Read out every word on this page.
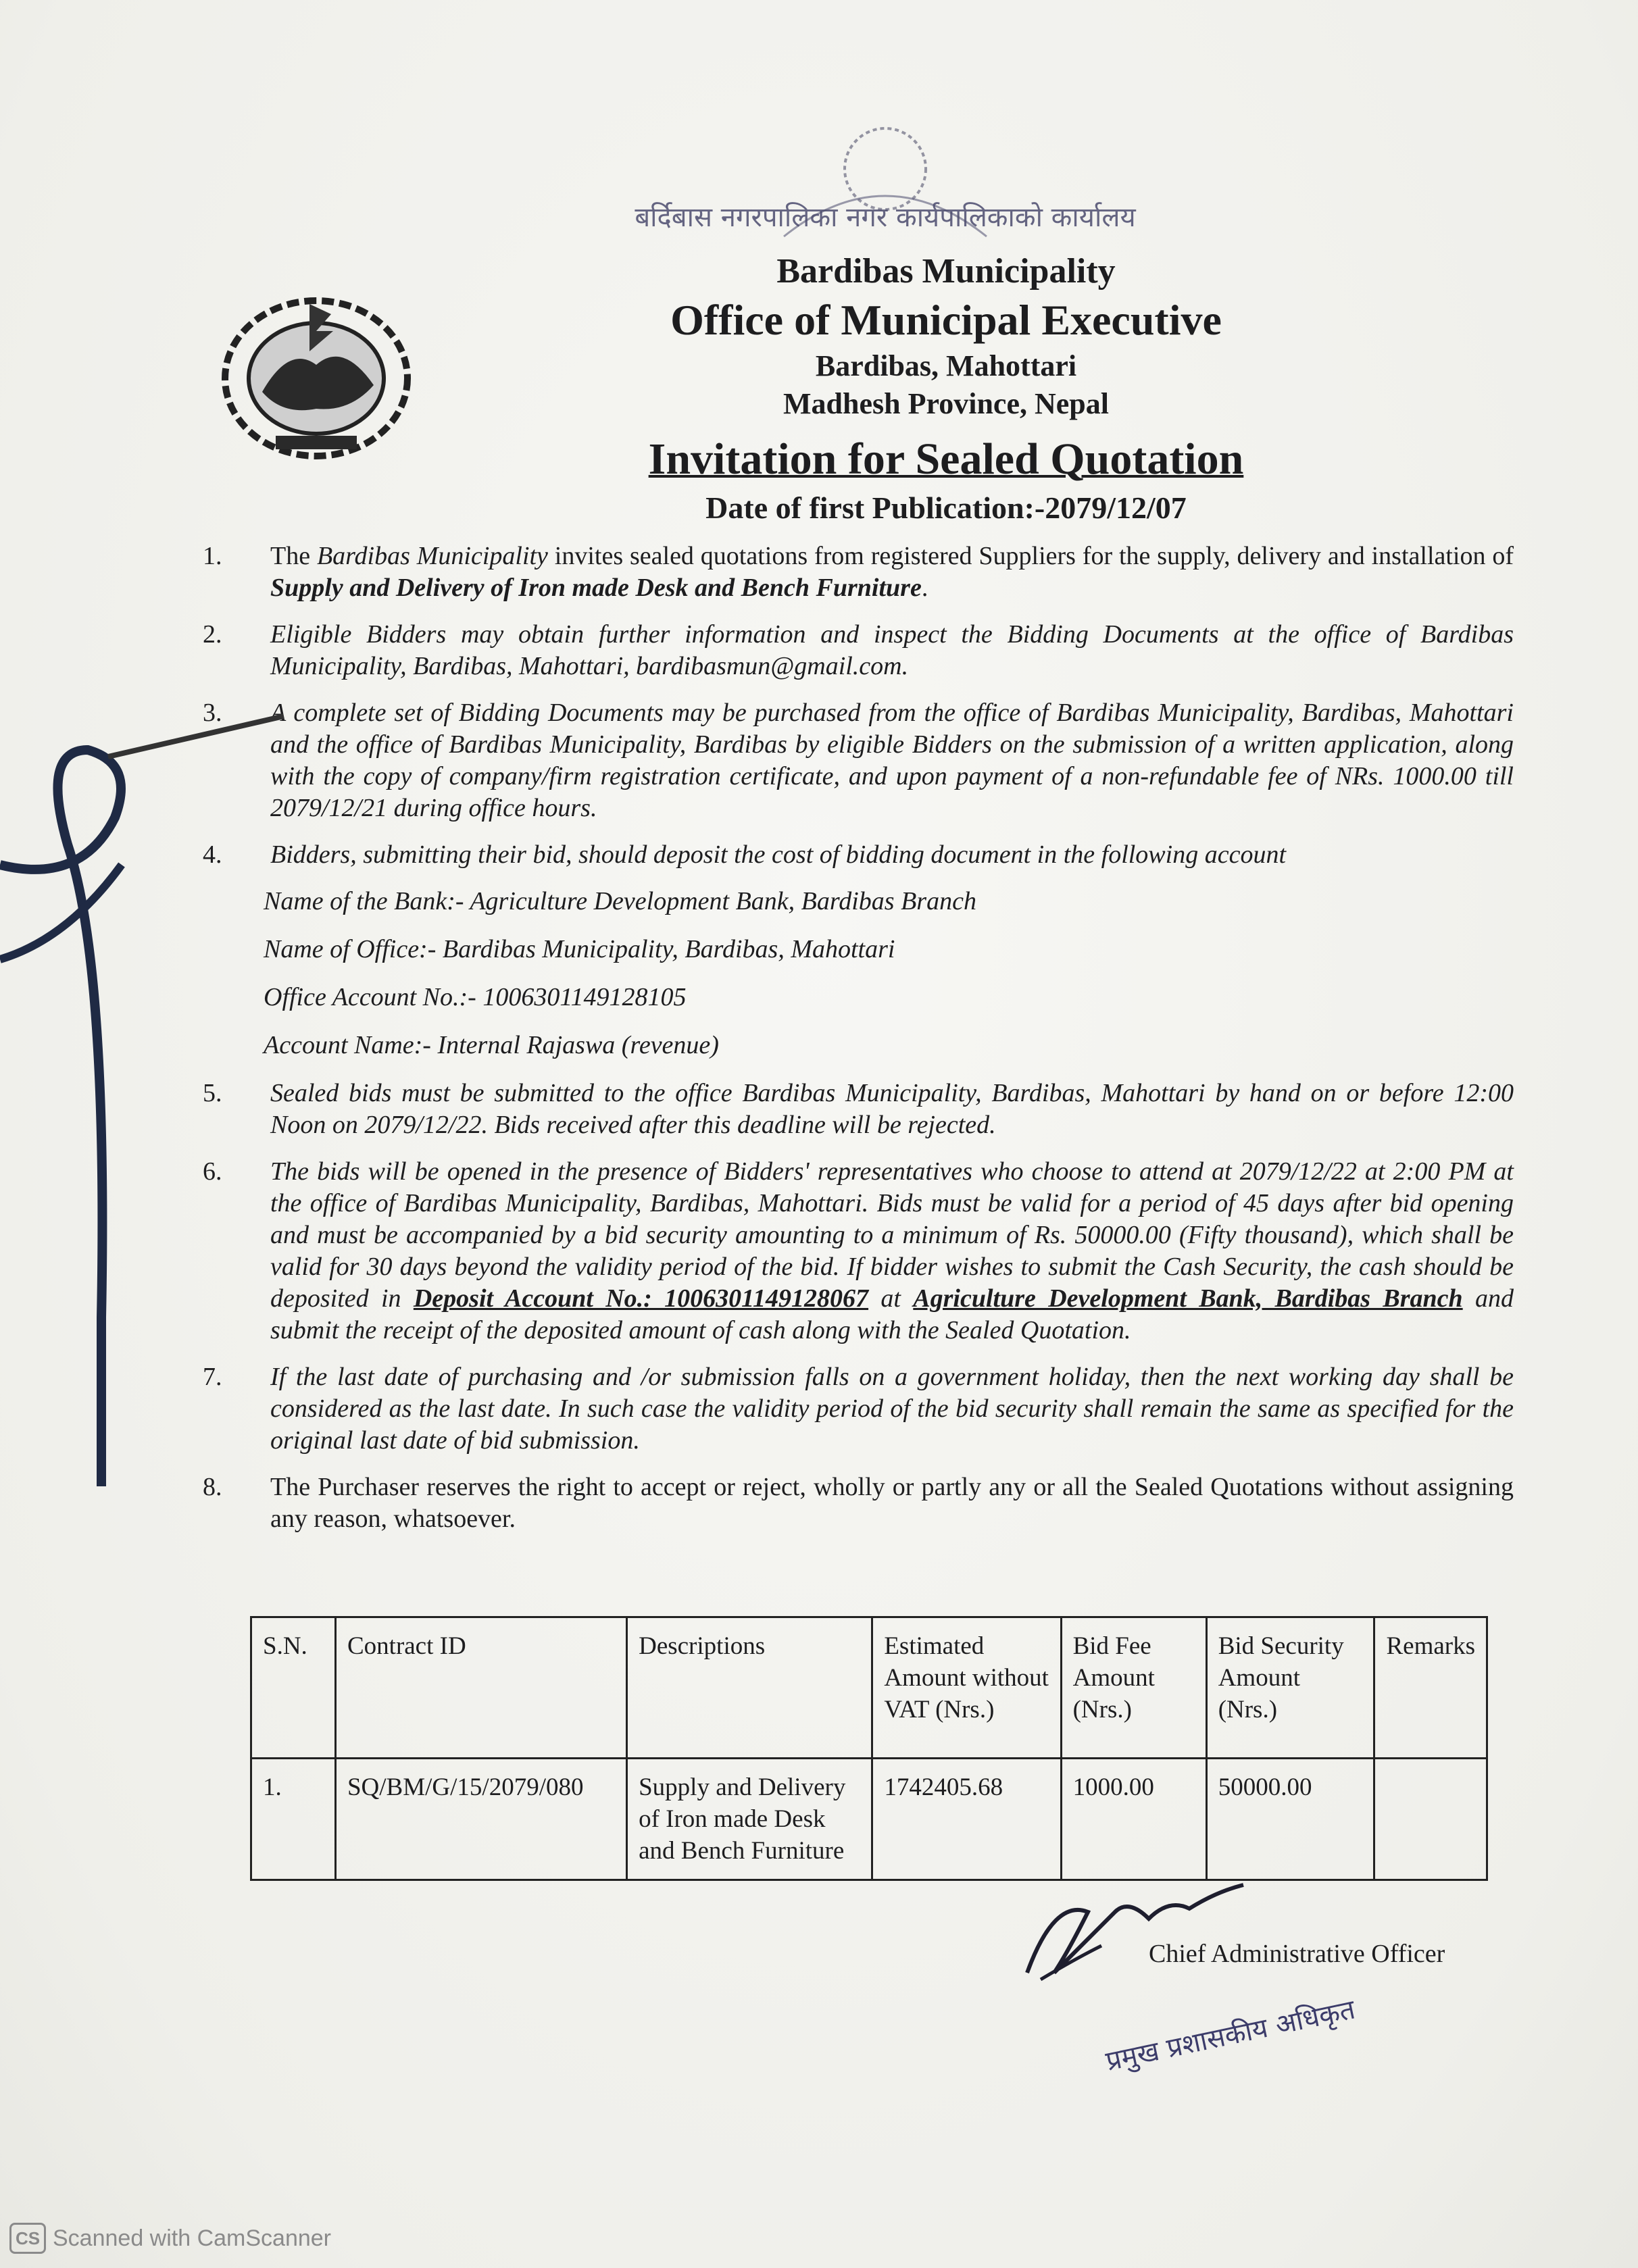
बर्दिबास नगरपालिका नगर कार्यपालिकाको कार्यालय
Bardibas Municipality
Office of Municipal Executive
Bardibas, Mahottari
Madhesh Province, Nepal
Invitation for Sealed Quotation
Date of first Publication:-2079/12/07
1.	The Bardibas Municipality invites sealed quotations from registered Suppliers for the supply, delivery and installation of Supply and Delivery of Iron made Desk and Bench Furniture.
2.	Eligible Bidders may obtain further information and inspect the Bidding Documents at the office of Bardibas Municipality, Bardibas, Mahottari, bardibasmun@gmail.com.
3.	A complete set of Bidding Documents may be purchased from the office of Bardibas Municipality, Bardibas, Mahottari and the office of Bardibas Municipality, Bardibas by eligible Bidders on the submission of a written application, along with the copy of company/firm registration certificate, and upon payment of a non-refundable fee of NRs. 1000.00 till 2079/12/21 during office hours.
4.	Bidders, submitting their bid, should deposit the cost of bidding document in the following account
Name of the Bank:- Agriculture Development Bank, Bardibas Branch
Name of Office:- Bardibas Municipality, Bardibas, Mahottari
Office Account No.:- 1006301149128105
Account Name:- Internal Rajaswa (revenue)
5.	Sealed bids must be submitted to the office Bardibas Municipality, Bardibas, Mahottari by hand on or before 12:00 Noon on 2079/12/22. Bids received after this deadline will be rejected.
6.	The bids will be opened in the presence of Bidders' representatives who choose to attend at 2079/12/22 at 2:00 PM at the office of Bardibas Municipality, Bardibas, Mahottari. Bids must be valid for a period of 45 days after bid opening and must be accompanied by a bid security amounting to a minimum of Rs. 50000.00 (Fifty thousand), which shall be valid for 30 days beyond the validity period of the bid. If bidder wishes to submit the Cash Security, the cash should be deposited in Deposit Account No.: 1006301149128067 at Agriculture Development Bank, Bardibas Branch and submit the receipt of the deposited amount of cash along with the Sealed Quotation.
7.	If the last date of purchasing and /or submission falls on a government holiday, then the next working day shall be considered as the last date. In such case the validity period of the bid security shall remain the same as specified for the original last date of bid submission.
8.	The Purchaser reserves the right to accept or reject, wholly or partly any or all the Sealed Quotations without assigning any reason, whatsoever.
S.N.	Contract ID	Descriptions	Estimated Amount without VAT (Nrs.)	Bid Fee Amount (Nrs.)	Bid Security Amount (Nrs.)	Remarks
1.	SQ/BM/G/15/2079/080	Supply and Delivery of Iron made Desk and Bench Furniture	1742405.68	1000.00	50000.00	
Chief Administrative Officer
प्रमुख प्रशासकीय अधिकृत
CS Scanned with CamScanner
